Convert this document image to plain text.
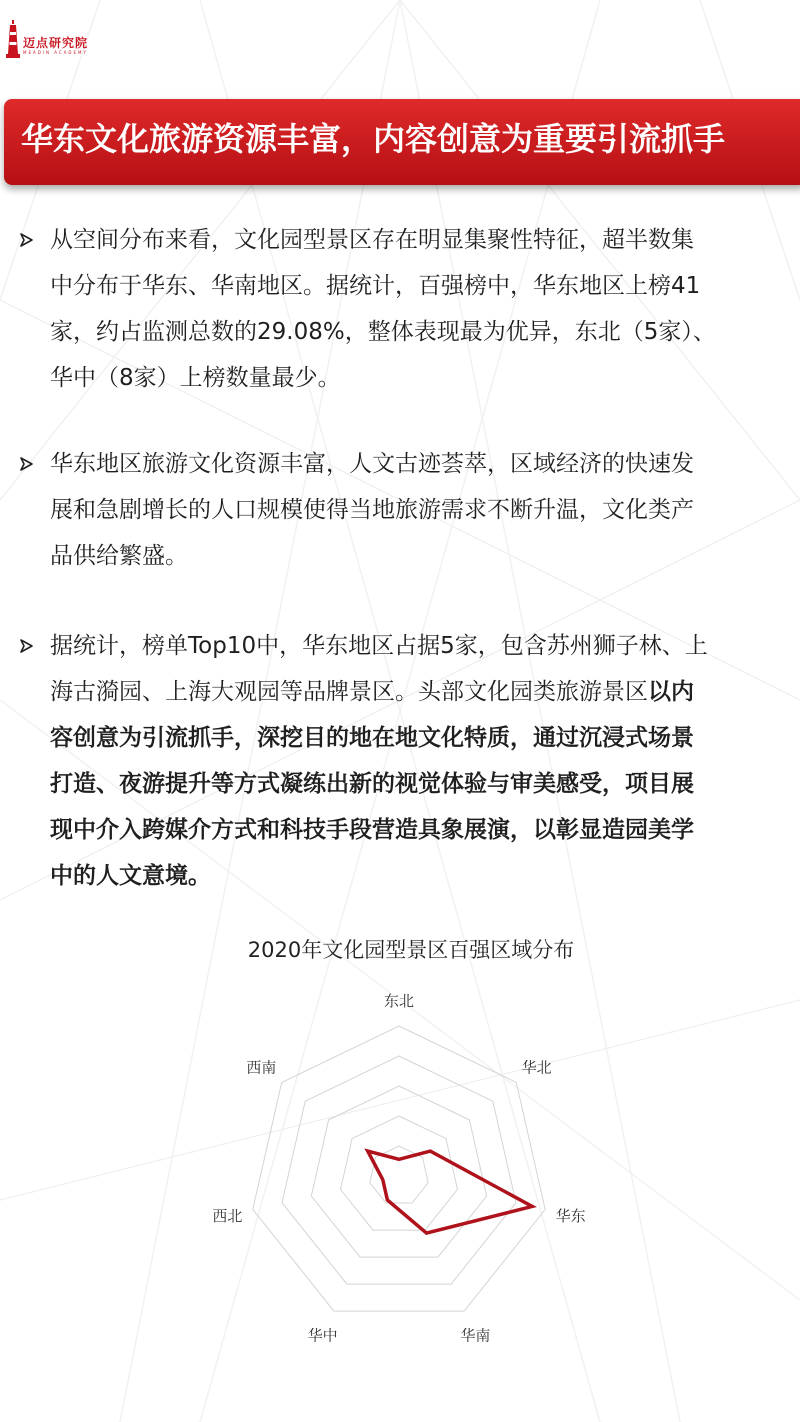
迈点研究院
MEADIN ACADEMY
华东文化旅游资源丰富，内容创意为重要引流抓手
从空间分布来看，文化园型景区存在明显集聚性特征，超半数集
中分布于华东、华南地区。据统计，百强榜中，华东地区上榜41
家，约占监测总数的29.08%，整体表现最为优异，东北（5家）、
华中（8家）上榜数量最少。
华东地区旅游文化资源丰富，人文古迹荟萃，区域经济的快速发
展和急剧增长的人口规模使得当地旅游需求不断升温，文化类产
品供给繁盛。
据统计，榜单Top10中，华东地区占据5家，包含苏州狮子林、上
海古漪园、上海大观园等品牌景区。头部文化园类旅游景区以内
容创意为引流抓手，深挖目的地在地文化特质，通过沉浸式场景
打造、夜游提升等方式凝练出新的视觉体验与审美感受，项目展
现中介入跨媒介方式和科技手段营造具象展演，以彰显造园美学
中的人文意境。
2020年文化园型景区百强区域分布
东北
华北
华东
华南
华中
西北
西南
